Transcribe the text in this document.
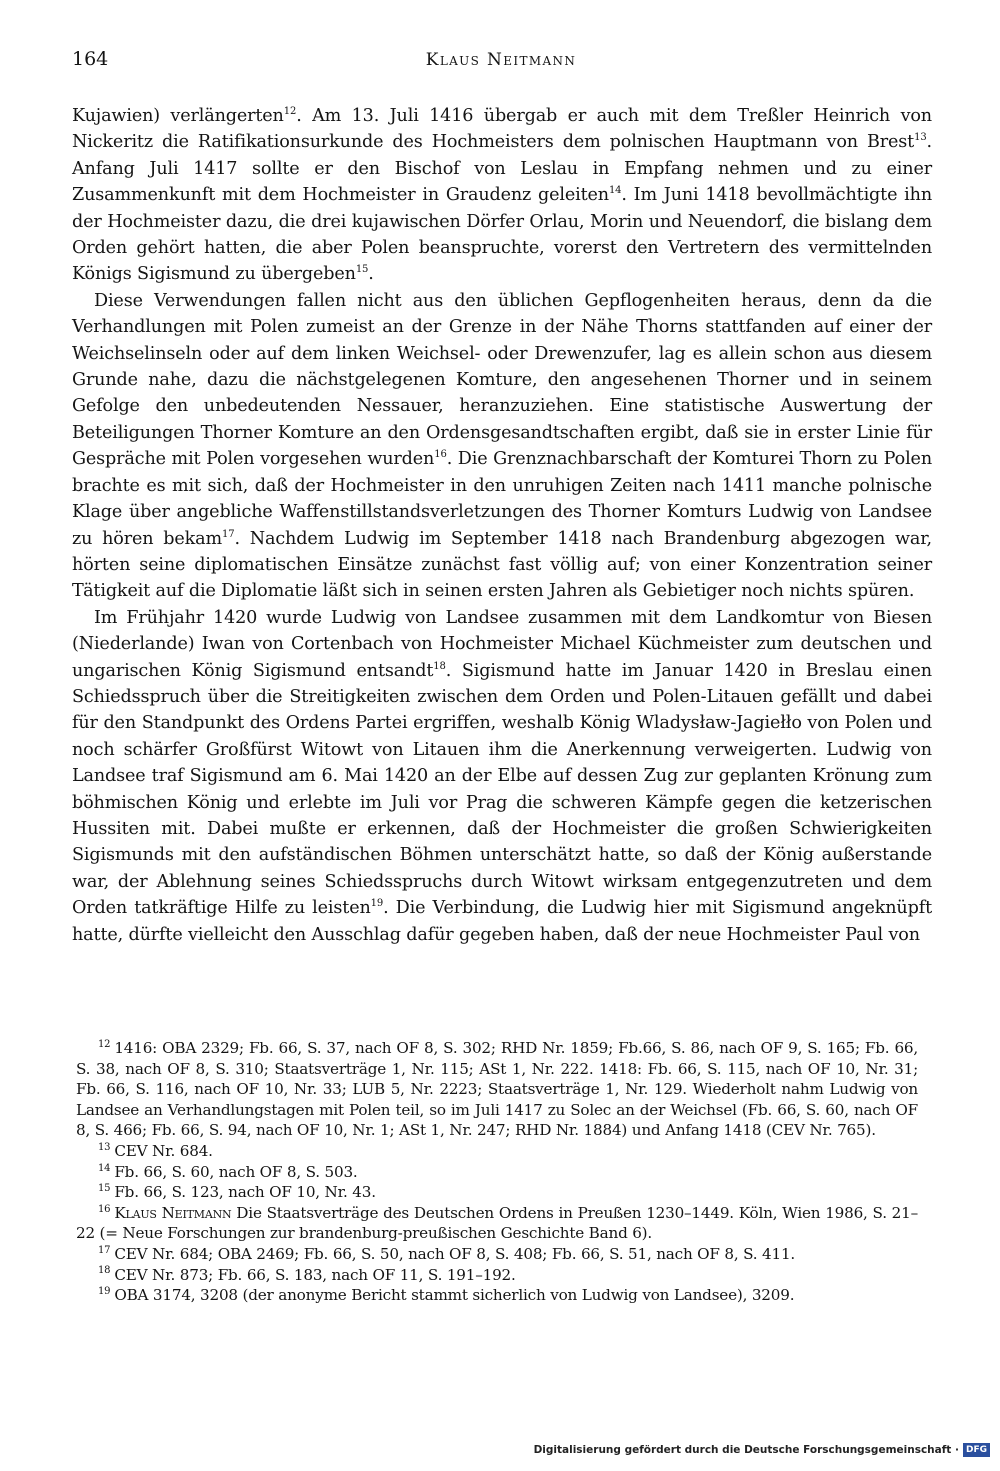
164	Klaus Neitmann

Kujawien) verlängerten$^{12}$. Am 13. Juli 1416 übergab er auch mit dem Treßler Heinrich von Nickeritz die Ratifikationsurkunde des Hochmeisters dem polnischen Hauptmann von Brest$^{13}$. Anfang Juli 1417 sollte er den Bischof von Leslau in Empfang nehmen und zu einer Zusammenkunft mit dem Hochmeister in Graudenz geleiten$^{14}$. Im Juni 1418 bevollmächtigte ihn der Hochmeister dazu, die drei kujawischen Dörfer Orlau, Morin und Neuendorf, die bislang dem Orden gehört hatten, die aber Polen beanspruchte, vorerst den Vertretern des vermittelnden Königs Sigismund zu übergeben$^{15}$.

Diese Verwendungen fallen nicht aus den üblichen Gepflogenheiten heraus, denn da die Verhandlungen mit Polen zumeist an der Grenze in der Nähe Thorns stattfanden auf einer der Weichselinseln oder auf dem linken Weichsel- oder Drewenzufer, lag es allein schon aus diesem Grunde nahe, dazu die nächstgelegenen Komture, den angesehenen Thorner und in seinem Gefolge den unbedeutenden Nessauer, heranzuziehen. Eine statistische Auswertung der Beteiligungen Thorner Komture an den Ordensgesandtschaften ergibt, daß sie in erster Linie für Gespräche mit Polen vorgesehen wurden$^{16}$. Die Grenznachbarschaft der Komturei Thorn zu Polen brachte es mit sich, daß der Hochmeister in den unruhigen Zeiten nach 1411 manche polnische Klage über angebliche Waffenstillstandsverletzungen des Thorner Komturs Ludwig von Landsee zu hören bekam$^{17}$. Nachdem Ludwig im September 1418 nach Brandenburg abgezogen war, hörten seine diplomatischen Einsätze zunächst fast völlig auf; von einer Konzentration seiner Tätigkeit auf die Diplomatie läßt sich in seinen ersten Jahren als Gebietiger noch nichts spüren.

Im Frühjahr 1420 wurde Ludwig von Landsee zusammen mit dem Landkomtur von Biesen (Niederlande) Iwan von Cortenbach von Hochmeister Michael Küchmeister zum deutschen und ungarischen König Sigismund entsandt$^{18}$. Sigismund hatte im Januar 1420 in Breslau einen Schiedsspruch über die Streitigkeiten zwischen dem Orden und Polen-Litauen gefällt und dabei für den Standpunkt des Ordens Partei ergriffen, weshalb König Wladysław-Jagiełło von Polen und noch schärfer Großfürst Witowt von Litauen ihm die Anerkennung verweigerten. Ludwig von Landsee traf Sigismund am 6. Mai 1420 an der Elbe auf dessen Zug zur geplanten Krönung zum böhmischen König und erlebte im Juli vor Prag die schweren Kämpfe gegen die ketzerischen Hussiten mit. Dabei mußte er erkennen, daß der Hochmeister die großen Schwierigkeiten Sigismunds mit den aufständischen Böhmen unterschätzt hatte, so daß der König außerstande war, der Ablehnung seines Schiedsspruchs durch Witowt wirksam entgegenzutreten und dem Orden tatkräftige Hilfe zu leisten$^{19}$. Die Verbindung, die Ludwig hier mit Sigismund angeknüpft hatte, dürfte vielleicht den Ausschlag dafür gegeben haben, daß der neue Hochmeister Paul von

$^{12}$ 1416: OBA 2329; Fb. 66, S. 37, nach OF 8, S. 302; RHD Nr. 1859; Fb.66, S. 86, nach OF 9, S. 165; Fb. 66, S. 38, nach OF 8, S. 310; Staatsverträge 1, Nr. 115; ASt 1, Nr. 222. 1418: Fb. 66, S. 115, nach OF 10, Nr. 31; Fb. 66, S. 116, nach OF 10, Nr. 33; LUB 5, Nr. 2223; Staatsverträge 1, Nr. 129. Wiederholt nahm Ludwig von Landsee an Verhandlungstagen mit Polen teil, so im Juli 1417 zu Solec an der Weichsel (Fb. 66, S. 60, nach OF 8, S. 466; Fb. 66, S. 94, nach OF 10, Nr. 1; ASt 1, Nr. 247; RHD Nr. 1884) und Anfang 1418 (CEV Nr. 765).

$^{13}$ CEV Nr. 684.

$^{14}$ Fb. 66, S. 60, nach OF 8, S. 503.

$^{15}$ Fb. 66, S. 123, nach OF 10, Nr. 43.

$^{16}$ Klaus Neitmann Die Staatsverträge des Deutschen Ordens in Preußen 1230–1449. Köln, Wien 1986, S. 21–22 (= Neue Forschungen zur brandenburg-preußischen Geschichte Band 6).

$^{17}$ CEV Nr. 684; OBA 2469; Fb. 66, S. 50, nach OF 8, S. 408; Fb. 66, S. 51, nach OF 8, S. 411.

$^{18}$ CEV Nr. 873; Fb. 66, S. 183, nach OF 11, S. 191–192.

$^{19}$ OBA 3174, 3208 (der anonyme Bericht stammt sicherlich von Ludwig von Landsee), 3209.

Digitalisierung gefördert durch die Deutsche Forschungsgemeinschaft · DFG
